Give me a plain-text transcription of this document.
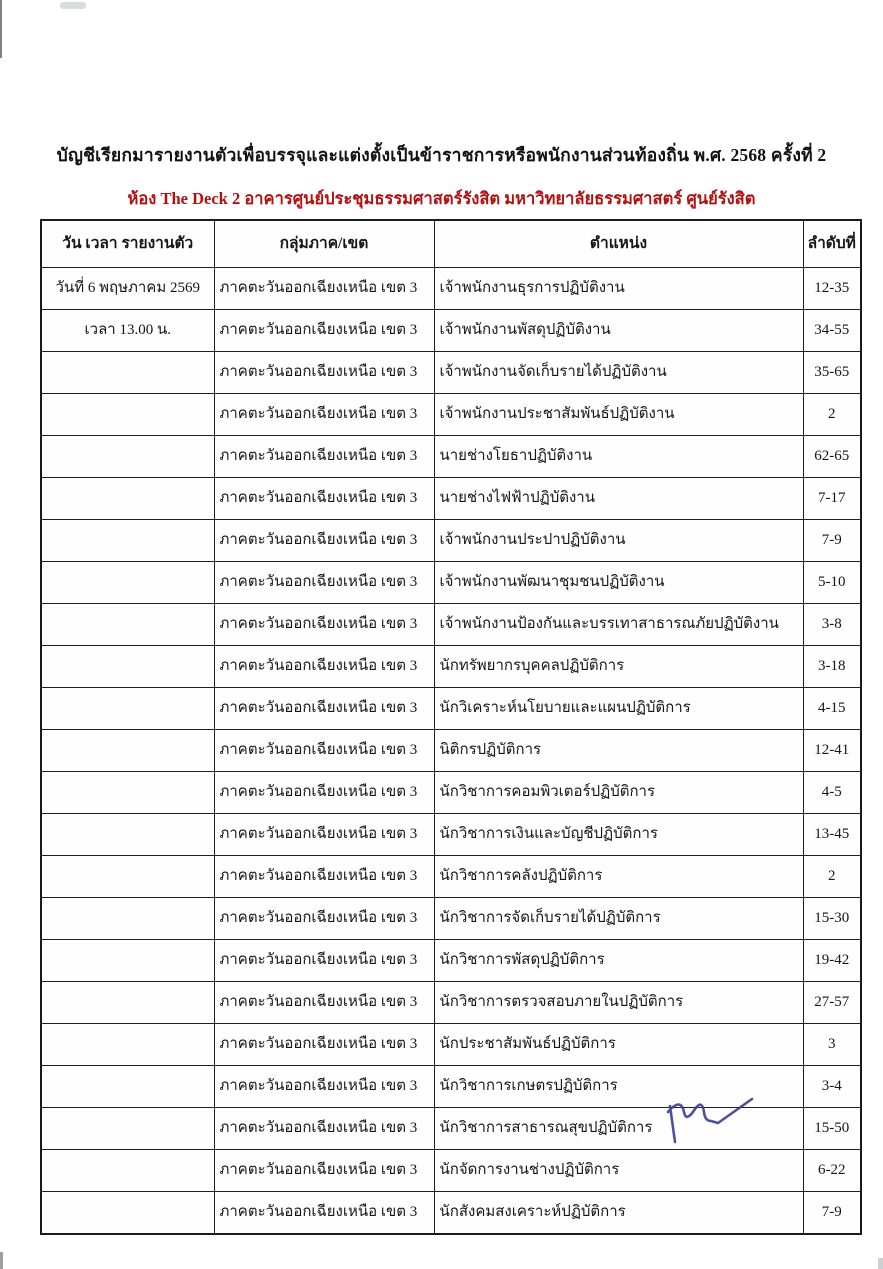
บัญชีเรียกมารายงานตัวเพื่อบรรจุและแต่งตั้งเป็นข้าราชการหรือพนักงานส่วนท้องถิ่น พ.ศ. 2568 ครั้งที่ 2
ห้อง The Deck 2 อาคารศูนย์ประชุมธรรมศาสตร์รังสิต มหาวิทยาลัยธรรมศาสตร์ ศูนย์รังสิต
วัน เวลา รายงานตัว	กลุ่มภาค/เขต	ตำแหน่ง	ลำดับที่
วันที่ 6 พฤษภาคม 2569	ภาคตะวันออกเฉียงเหนือ เขต 3	เจ้าพนักงานธุรการปฏิบัติงาน	12-35
เวลา 13.00 น.	ภาคตะวันออกเฉียงเหนือ เขต 3	เจ้าพนักงานพัสดุปฏิบัติงาน	34-55
	ภาคตะวันออกเฉียงเหนือ เขต 3	เจ้าพนักงานจัดเก็บรายได้ปฏิบัติงาน	35-65
	ภาคตะวันออกเฉียงเหนือ เขต 3	เจ้าพนักงานประชาสัมพันธ์ปฏิบัติงาน	2
	ภาคตะวันออกเฉียงเหนือ เขต 3	นายช่างโยธาปฏิบัติงาน	62-65
	ภาคตะวันออกเฉียงเหนือ เขต 3	นายช่างไฟฟ้าปฏิบัติงาน	7-17
	ภาคตะวันออกเฉียงเหนือ เขต 3	เจ้าพนักงานประปาปฏิบัติงาน	7-9
	ภาคตะวันออกเฉียงเหนือ เขต 3	เจ้าพนักงานพัฒนาชุมชนปฏิบัติงาน	5-10
	ภาคตะวันออกเฉียงเหนือ เขต 3	เจ้าพนักงานป้องกันและบรรเทาสาธารณภัยปฏิบัติงาน	3-8
	ภาคตะวันออกเฉียงเหนือ เขต 3	นักทรัพยากรบุคคลปฏิบัติการ	3-18
	ภาคตะวันออกเฉียงเหนือ เขต 3	นักวิเคราะห์นโยบายและแผนปฏิบัติการ	4-15
	ภาคตะวันออกเฉียงเหนือ เขต 3	นิติกรปฏิบัติการ	12-41
	ภาคตะวันออกเฉียงเหนือ เขต 3	นักวิชาการคอมพิวเตอร์ปฏิบัติการ	4-5
	ภาคตะวันออกเฉียงเหนือ เขต 3	นักวิชาการเงินและบัญชีปฏิบัติการ	13-45
	ภาคตะวันออกเฉียงเหนือ เขต 3	นักวิชาการคลังปฏิบัติการ	2
	ภาคตะวันออกเฉียงเหนือ เขต 3	นักวิชาการจัดเก็บรายได้ปฏิบัติการ	15-30
	ภาคตะวันออกเฉียงเหนือ เขต 3	นักวิชาการพัสดุปฏิบัติการ	19-42
	ภาคตะวันออกเฉียงเหนือ เขต 3	นักวิชาการตรวจสอบภายในปฏิบัติการ	27-57
	ภาคตะวันออกเฉียงเหนือ เขต 3	นักประชาสัมพันธ์ปฏิบัติการ	3
	ภาคตะวันออกเฉียงเหนือ เขต 3	นักวิชาการเกษตรปฏิบัติการ	3-4
	ภาคตะวันออกเฉียงเหนือ เขต 3	นักวิชาการสาธารณสุขปฏิบัติการ	15-50
	ภาคตะวันออกเฉียงเหนือ เขต 3	นักจัดการงานช่างปฏิบัติการ	6-22
	ภาคตะวันออกเฉียงเหนือ เขต 3	นักสังคมสงเคราะห์ปฏิบัติการ	7-9
